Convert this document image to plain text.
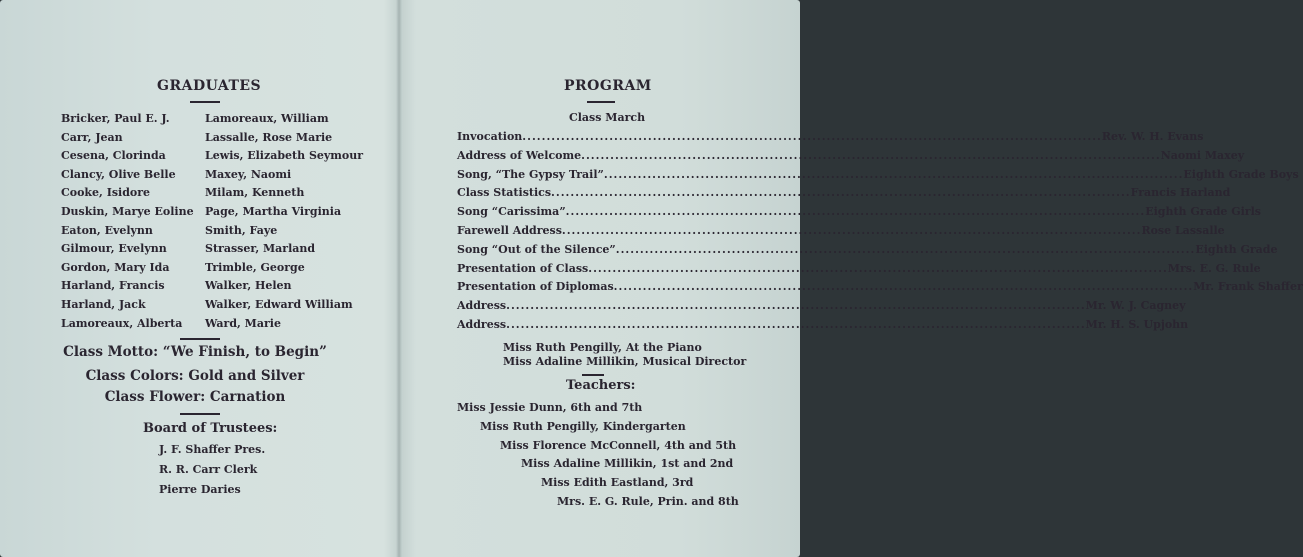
GRADUATES
Bricker, Paul E. J.
Carr, Jean
Cesena, Clorinda
Clancy, Olive Belle
Cooke, Isidore
Duskin, Marye Eoline
Eaton, Evelynn
Gilmour, Evelynn
Gordon, Mary Ida
Harland, Francis
Harland, Jack
Lamoreaux, Alberta
Lamoreaux, William
Lassalle, Rose Marie
Lewis, Elizabeth Seymour
Maxey, Naomi
Milam, Kenneth
Page, Martha Virginia
Smith, Faye
Strasser, Marland
Trimble, George
Walker, Helen
Walker, Edward William
Ward, Marie
Class Motto: “We Finish, to Begin”
Class Colors: Gold and Silver
Class Flower: Carnation
Board of Trustees:
J. F. Shaffer Pres.
R. R. Carr Clerk
Pierre Daries
PROGRAM
Class March
Invocation ........................................................................................................................ Rev. W. H. Evans
Address of Welcome ........................................................................................................................ Naomi Maxey
Song, “The Gypsy Trail” ........................................................................................................................ Eighth Grade Boys
Class Statistics ........................................................................................................................ Francis Harland
Song “Carissima” ........................................................................................................................ Eighth Grade Girls
Farewell Address ........................................................................................................................ Rose Lassalle
Song “Out of the Silence” ........................................................................................................................ Eighth Grade
Presentation of Class ........................................................................................................................ Mrs. E. G. Rule
Presentation of Diplomas ........................................................................................................................ Mr. Frank Shaffer
Address ........................................................................................................................ Mr. W. J. Cagney
Address ........................................................................................................................ Mr. H. S. Upjohn
Miss Ruth Pengilly, At the Piano
Miss Adaline Millikin, Musical Director
Teachers:
Miss Jessie Dunn, 6th and 7th
Miss Ruth Pengilly, Kindergarten
Miss Florence McConnell, 4th and 5th
Miss Adaline Millikin, 1st and 2nd
Miss Edith Eastland, 3rd
Mrs. E. G. Rule, Prin. and 8th
